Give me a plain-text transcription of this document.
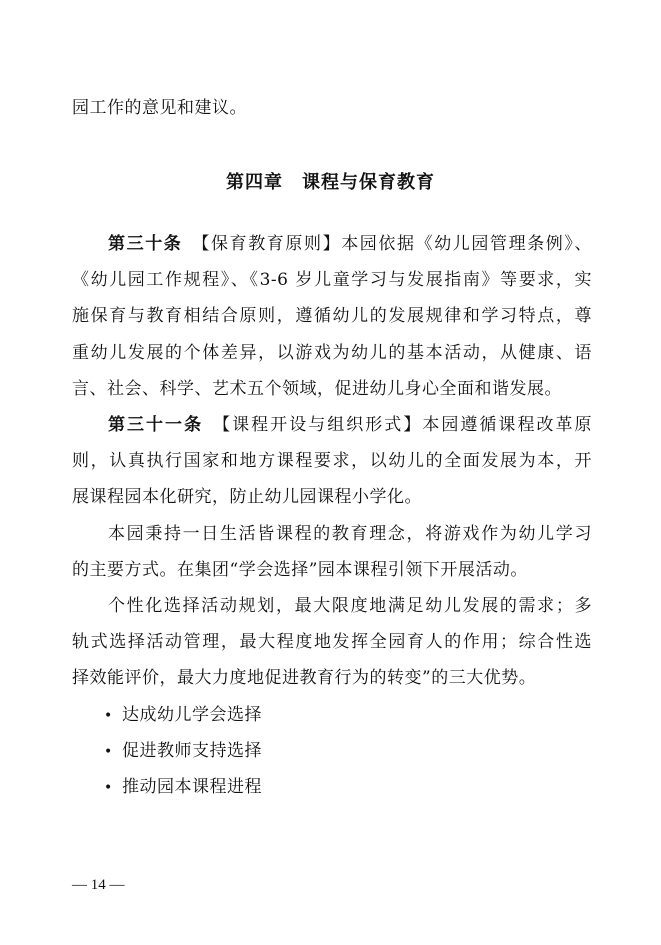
园工作的意见和建议。
第四章　课程与保育教育
第三十条 【保育教育原则】本园依据《幼儿园管理条例》、
《幼儿园工作规程》、《3-6 岁儿童学习与发展指南》等要求，实
施保育与教育相结合原则，遵循幼儿的发展规律和学习特点，尊
重幼儿发展的个体差异，以游戏为幼儿的基本活动，从健康、语
言、社会、科学、艺术五个领域，促进幼儿身心全面和谐发展。
第三十一条 【课程开设与组织形式】本园遵循课程改革原
则，认真执行国家和地方课程要求，以幼儿的全面发展为本，开
展课程园本化研究，防止幼儿园课程小学化。
本园秉持一日生活皆课程的教育理念，将游戏作为幼儿学习
的主要方式。在集团“学会选择”园本课程引领下开展活动。
个性化选择活动规划，最大限度地满足幼儿发展的需求；多
轨式选择活动管理，最大程度地发挥全园育人的作用；综合性选
择效能评价，最大力度地促进教育行为的转变”的三大优势。
• 达成幼儿学会选择
• 促进教师支持选择
• 推动园本课程进程
— 14 —
